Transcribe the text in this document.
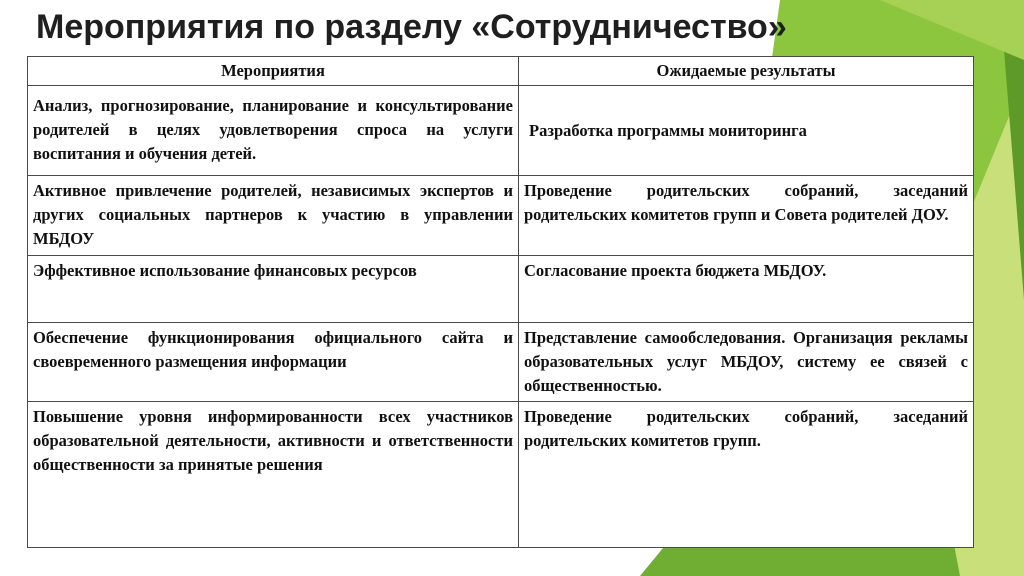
Мероприятия по разделу «Сотрудничество»
Мероприятия	Ожидаемые результаты
Анализ, прогнозирование, планирование и консультирование родителей в целях удовлетворения спроса на услуги воспитания и обучения детей.	Разработка программы мониторинга
Активное привлечение родителей, независимых экспертов и других социальных партнеров к участию в управлении МБДОУ	Проведение родительских собраний, заседаний родительских комитетов групп и Совета родителей ДОУ.
Эффективное использование финансовых ресурсов	Согласование проекта бюджета МБДОУ.
Обеспечение функционирования официального сайта и своевременного размещения информации	Представление самообследования. Организация рекламы образовательных услуг МБДОУ, систему ее связей с общественностью.
Повышение уровня информированности всех участников образовательной деятельности, активности и ответственности общественности за принятые решения	Проведение родительских собраний, заседаний родительских комитетов групп.
